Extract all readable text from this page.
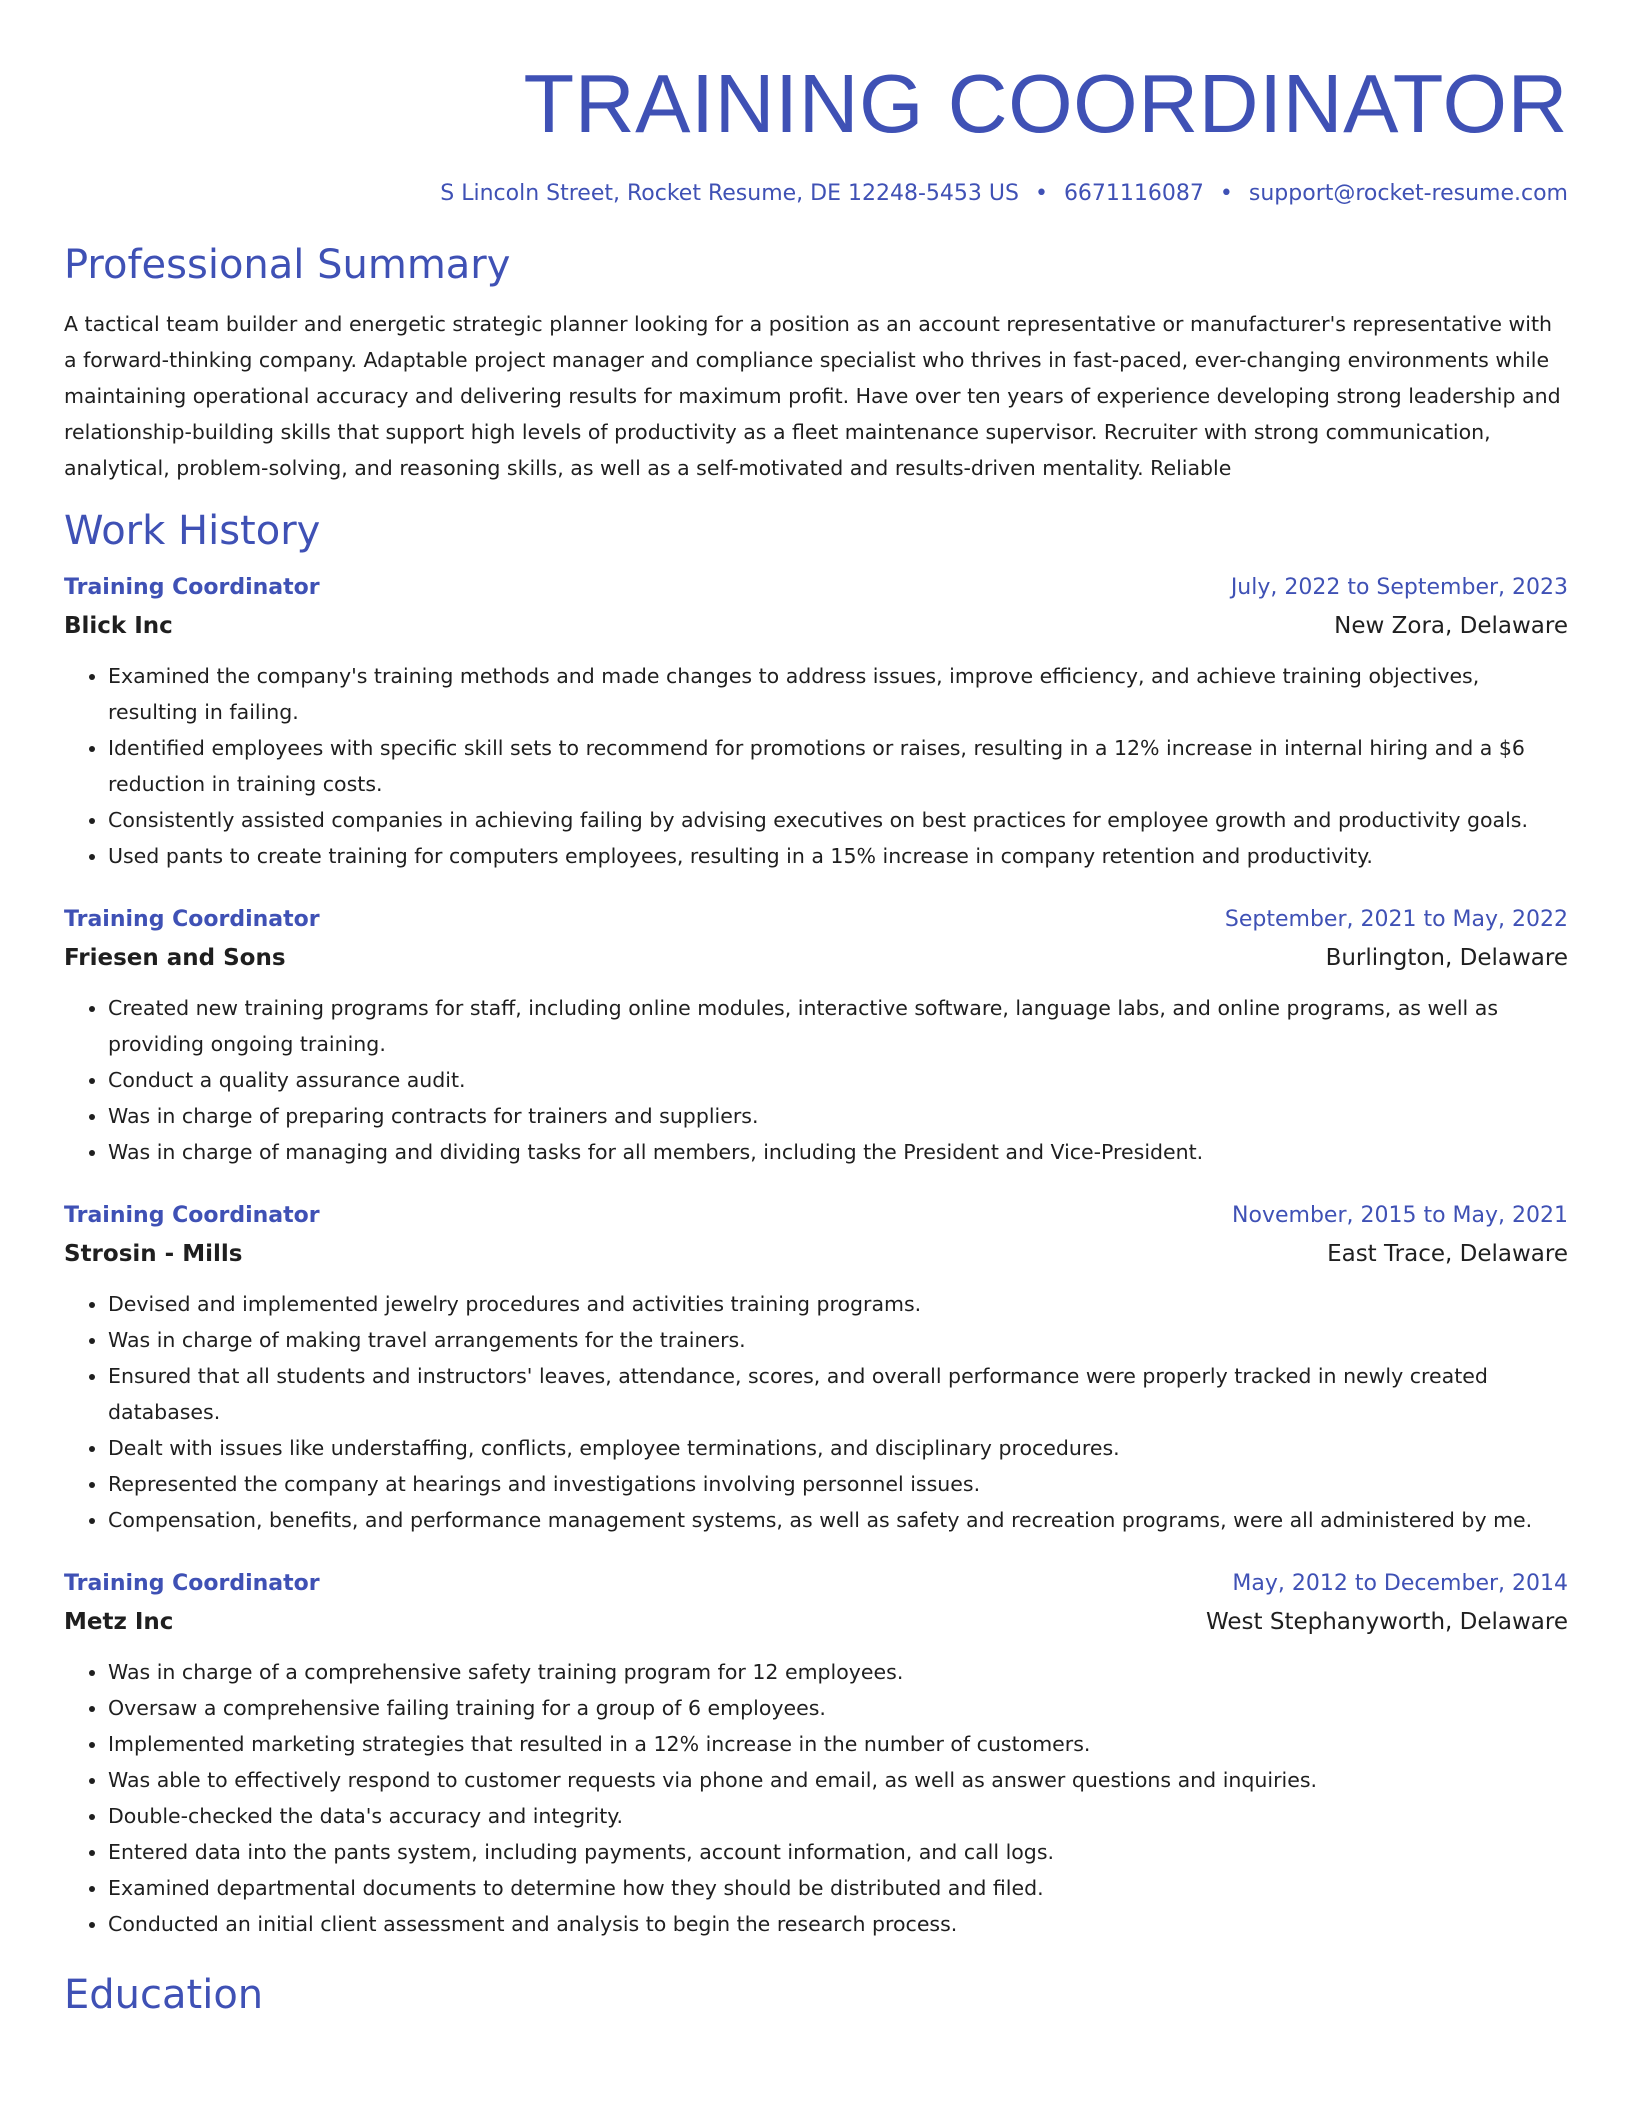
TRAINING COORDINATOR
S Lincoln Street, Rocket Resume, DE 12248-5453 US • 6671116087 • support@rocket-resume.com
Professional Summary

A tactical team builder and energetic strategic planner looking for a position as an account representative or manufacturer's representative with a forward-thinking company. Adaptable project manager and compliance specialist who thrives in fast-paced, ever-changing environments while maintaining operational accuracy and delivering results for maximum profit. Have over ten years of experience developing strong leadership and relationship-building skills that support high levels of productivity as a fleet maintenance supervisor. Recruiter with strong communication, analytical, problem-solving, and reasoning skills, as well as a self-motivated and results-driven mentality. Reliable

Work History
Training Coordinator	July, 2022 to September, 2023
Blick Inc	New Zora, Delaware
• Examined the company's training methods and made changes to address issues, improve efficiency, and achieve training objectives, resulting in failing.
• Identified employees with specific skill sets to recommend for promotions or raises, resulting in a 12% increase in internal hiring and a $6 reduction in training costs.
• Consistently assisted companies in achieving failing by advising executives on best practices for employee growth and productivity goals.
• Used pants to create training for computers employees, resulting in a 15% increase in company retention and productivity.
Training Coordinator	September, 2021 to May, 2022
Friesen and Sons	Burlington, Delaware
• Created new training programs for staff, including online modules, interactive software, language labs, and online programs, as well as providing ongoing training.
• Conduct a quality assurance audit.
• Was in charge of preparing contracts for trainers and suppliers.
• Was in charge of managing and dividing tasks for all members, including the President and Vice-President.
Training Coordinator	November, 2015 to May, 2021
Strosin - Mills	East Trace, Delaware
• Devised and implemented jewelry procedures and activities training programs.
• Was in charge of making travel arrangements for the trainers.
• Ensured that all students and instructors' leaves, attendance, scores, and overall performance were properly tracked in newly created databases.
• Dealt with issues like understaffing, conflicts, employee terminations, and disciplinary procedures.
• Represented the company at hearings and investigations involving personnel issues.
• Compensation, benefits, and performance management systems, as well as safety and recreation programs, were all administered by me.
Training Coordinator	May, 2012 to December, 2014
Metz Inc	West Stephanyworth, Delaware
• Was in charge of a comprehensive safety training program for 12 employees.
• Oversaw a comprehensive failing training for a group of 6 employees.
• Implemented marketing strategies that resulted in a 12% increase in the number of customers.
• Was able to effectively respond to customer requests via phone and email, as well as answer questions and inquiries.
• Double-checked the data's accuracy and integrity.
• Entered data into the pants system, including payments, account information, and call logs.
• Examined departmental documents to determine how they should be distributed and filed.
• Conducted an initial client assessment and analysis to begin the research process.
Education
